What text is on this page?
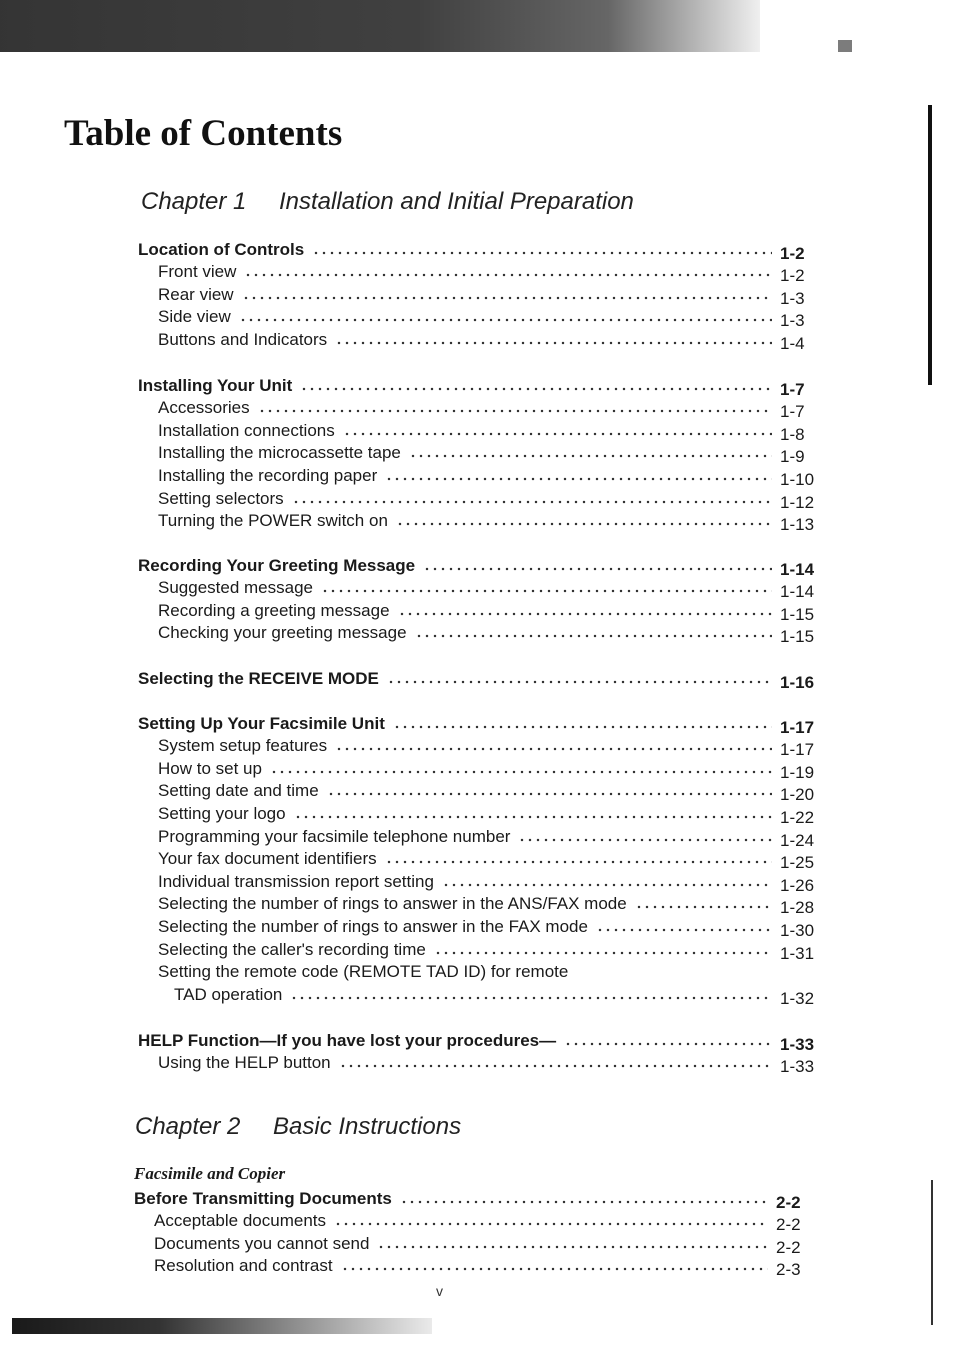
Table of Contents
Chapter 1 Installation and Initial Preparation
Location of Controls	1-2
Front view	1-2
Rear view	1-3
Side view	1-3
Buttons and Indicators	1-4
Installing Your Unit	1-7
Accessories	1-7
Installation connections	1-8
Installing the microcassette tape	1-9
Installing the recording paper	1-10
Setting selectors	1-12
Turning the POWER switch on	1-13
Recording Your Greeting Message	1-14
Suggested message	1-14
Recording a greeting message	1-15
Checking your greeting message	1-15
Selecting the RECEIVE MODE	1-16
Setting Up Your Facsimile Unit	1-17
System setup features	1-17
How to set up	1-19
Setting date and time	1-20
Setting your logo	1-22
Programming your facsimile telephone number	1-24
Your fax document identifiers	1-25
Individual transmission report setting	1-26
Selecting the number of rings to answer in the ANS/FAX mode	1-28
Selecting the number of rings to answer in the FAX mode	1-30
Selecting the caller's recording time	1-31
Setting the remote code (REMOTE TAD ID) for remote
TAD operation	1-32
HELP Function—If you have lost your procedures—	1-33
Using the HELP button	1-33
Chapter 2 Basic Instructions
Facsimile and Copier
Before Transmitting Documents	2-2
Acceptable documents	2-2
Documents you cannot send	2-2
Resolution and contrast	2-3
v
